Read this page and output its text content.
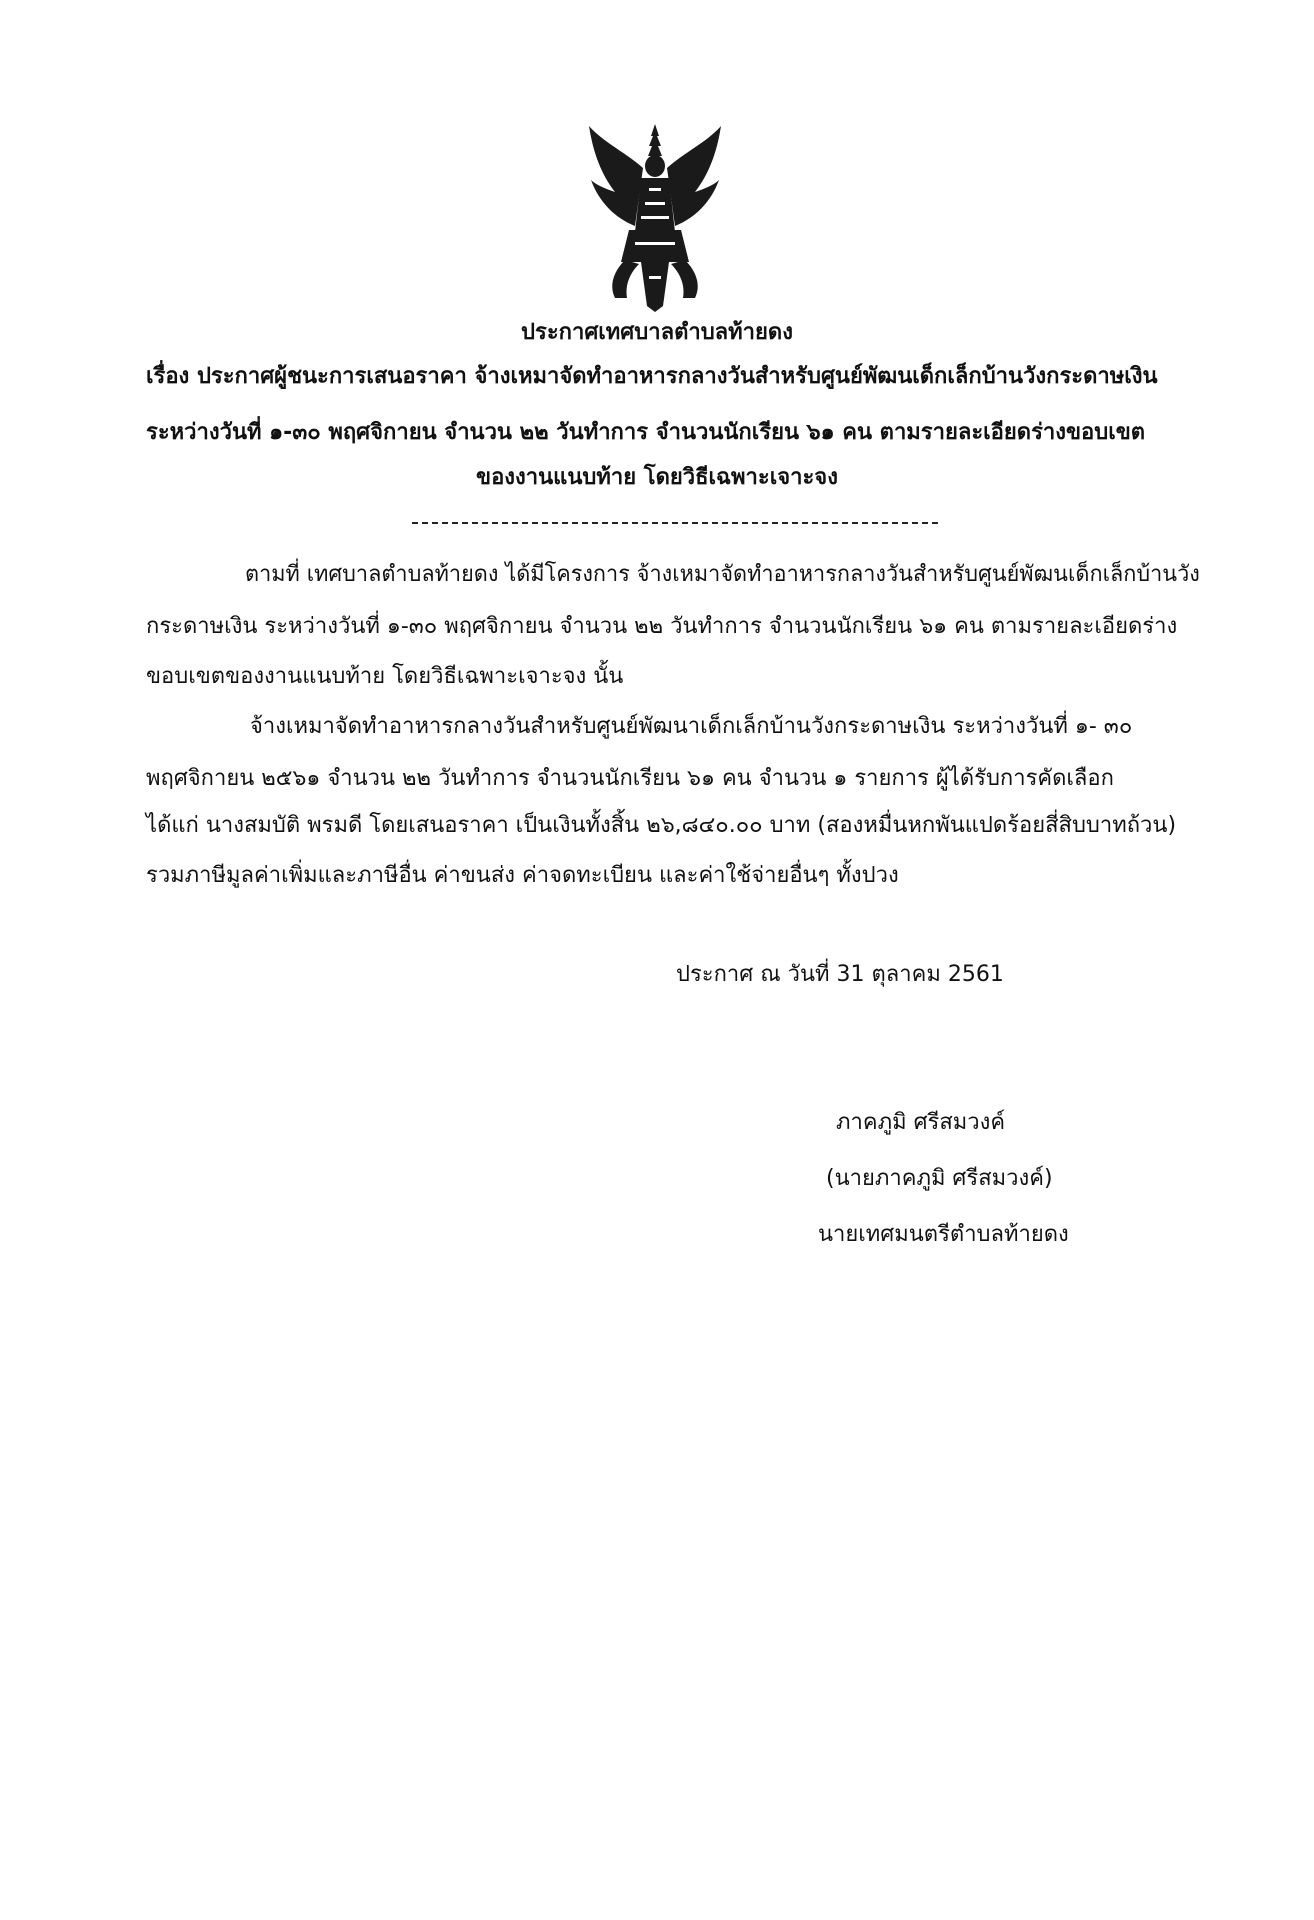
ประกาศเทศบาลตำบลท้ายดง
เรื่อง ประกาศผู้ชนะการเสนอราคา จ้างเหมาจัดทำอาหารกลางวันสำหรับศูนย์พัฒนเด็กเล็กบ้านวังกระดาษเงิน
ระหว่างวันที่ ๑-๓๐ พฤศจิกายน จำนวน ๒๒ วันทำการ จำนวนนักเรียน ๖๑ คน ตามรายละเอียดร่างขอบเขต
ของงานแนบท้าย โดยวิธีเฉพาะเจาะจง
ตามที่ เทศบาลตำบลท้ายดง ได้มีโครงการ จ้างเหมาจัดทำอาหารกลางวันสำหรับศูนย์พัฒนเด็กเล็กบ้านวัง
กระดาษเงิน ระหว่างวันที่ ๑-๓๐ พฤศจิกายน จำนวน ๒๒ วันทำการ จำนวนนักเรียน ๖๑ คน ตามรายละเอียดร่าง
ขอบเขตของงานแนบท้าย โดยวิธีเฉพาะเจาะจง นั้น
จ้างเหมาจัดทำอาหารกลางวันสำหรับศูนย์พัฒนาเด็กเล็กบ้านวังกระดาษเงิน ระหว่างวันที่ ๑- ๓๐
พฤศจิกายน ๒๕๖๑ จำนวน ๒๒ วันทำการ จำนวนนักเรียน ๖๑ คน จำนวน ๑ รายการ ผู้ได้รับการคัดเลือก
ได้แก่ นางสมบัติ พรมดี โดยเสนอราคา เป็นเงินทั้งสิ้น ๒๖,๘๔๐.๐๐ บาท (สองหมื่นหกพันแปดร้อยสี่สิบบาทถ้วน)
รวมภาษีมูลค่าเพิ่มและภาษีอื่น ค่าขนส่ง ค่าจดทะเบียน และค่าใช้จ่ายอื่นๆ ทั้งปวง
ประกาศ ณ วันที่ 31 ตุลาคม 2561
ภาคภูมิ ศรีสมวงค์
(นายภาคภูมิ ศรีสมวงค์)
นายเทศมนตรีตำบลท้ายดง
